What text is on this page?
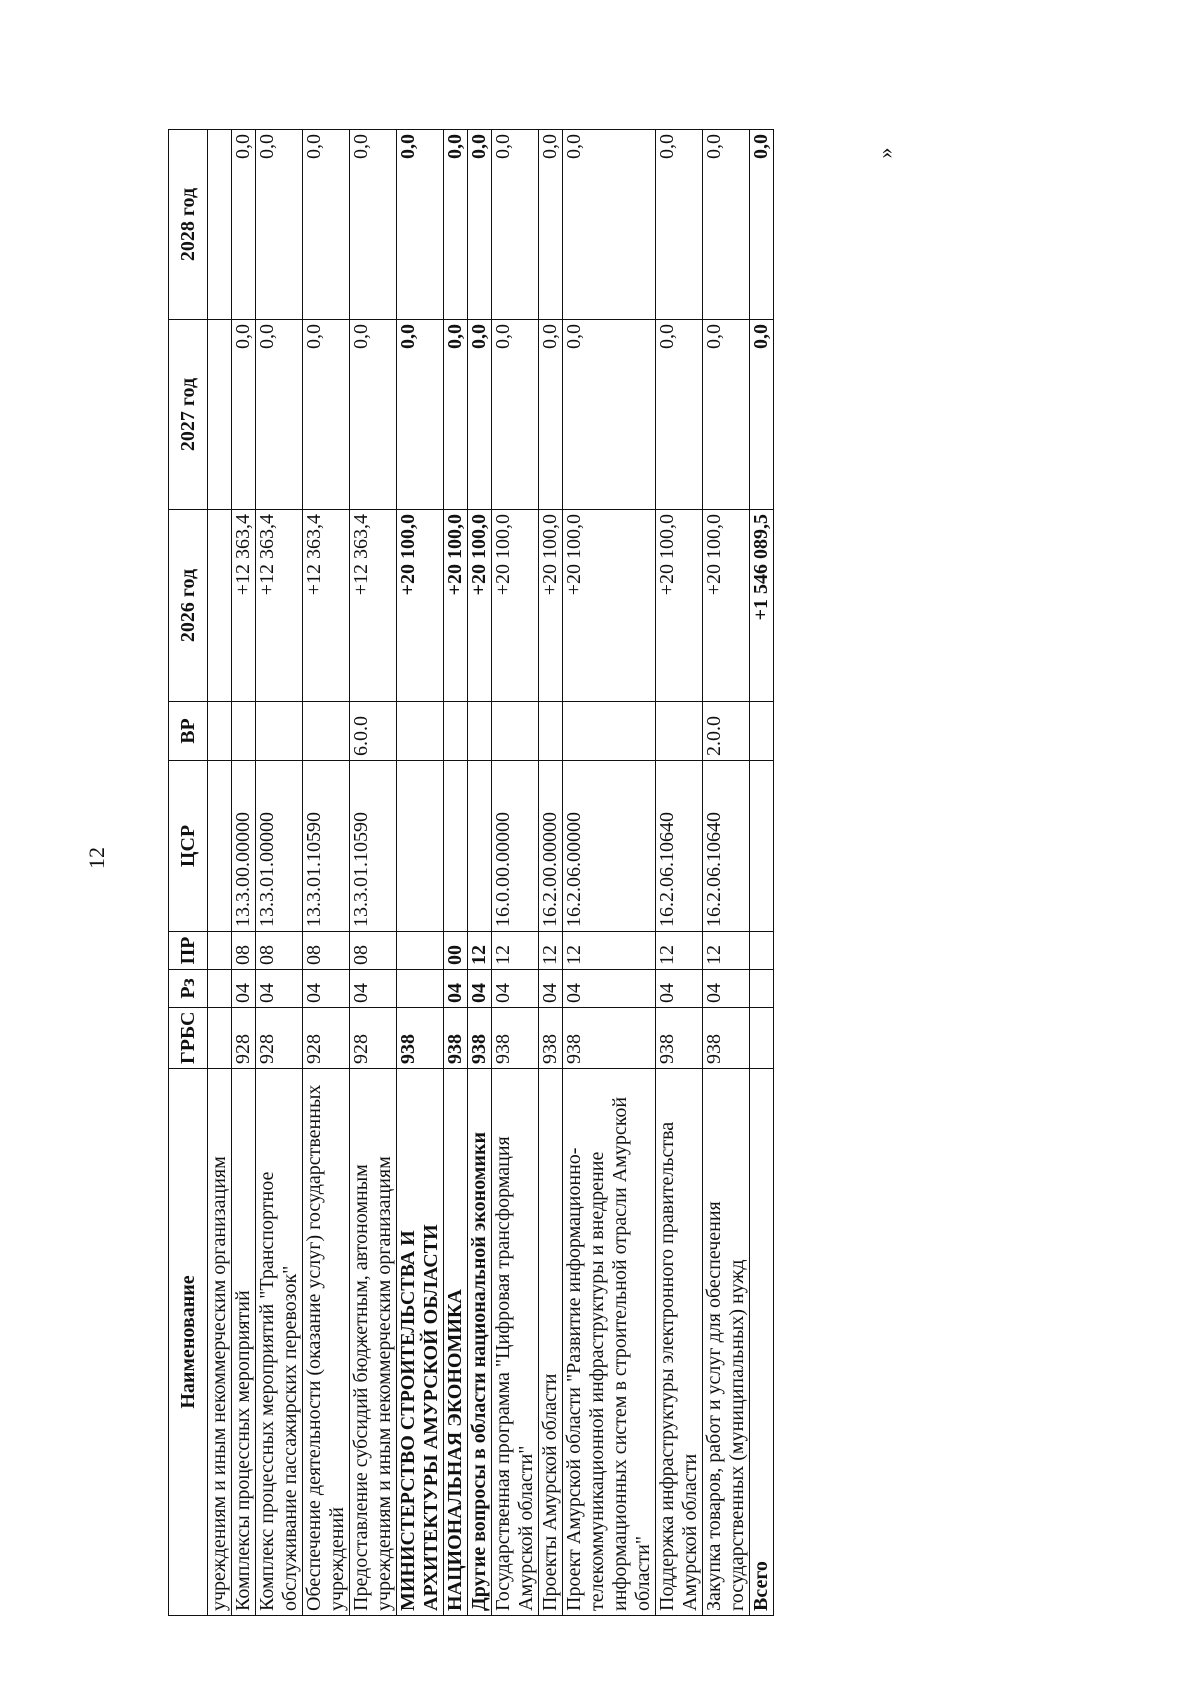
12
Наименование	ГРБС	Рз	ПР	ЦСР	ВР	2026 год	2027 год	2028 год
учреждениям и иным некоммерческим организациям								
Комплексы процессных мероприятий	928	04	08	13.3.00.00000		+12 363,4	0,0	0,0
Комплекс процессных мероприятий "Транспортное обслуживание пассажирских перевозок"	928	04	08	13.3.01.00000		+12 363,4	0,0	0,0
Обеспечение деятельности (оказание услуг) государственных учреждений	928	04	08	13.3.01.10590		+12 363,4	0,0	0,0
Предоставление субсидий бюджетным, автономным учреждениям и иным некоммерческим организациям	928	04	08	13.3.01.10590	6.0.0	+12 363,4	0,0	0,0
МИНИСТЕРСТВО СТРОИТЕЛЬСТВА И АРХИТЕКТУРЫ АМУРСКОЙ ОБЛАСТИ	938					+20 100,0	0,0	0,0
НАЦИОНАЛЬНАЯ ЭКОНОМИКА	938	04	00			+20 100,0	0,0	0,0
Другие вопросы в области национальной экономики	938	04	12			+20 100,0	0,0	0,0
Государственная программа "Цифровая трансформация Амурской области"	938	04	12	16.0.00.00000		+20 100,0	0,0	0,0
Проекты Амурской области	938	04	12	16.2.00.00000		+20 100,0	0,0	0,0
Проект Амурской области "Развитие информационно-телекоммуникационной инфраструктуры и внедрение информационных систем в строительной отрасли Амурской области"	938	04	12	16.2.06.00000		+20 100,0	0,0	0,0
Поддержка инфраструктуры электронного правительства Амурской области	938	04	12	16.2.06.10640		+20 100,0	0,0	0,0
Закупка товаров, работ и услуг для обеспечения государственных (муниципальных) нужд	938	04	12	16.2.06.10640	2.0.0	+20 100,0	0,0	0,0
Всего						+1 546 089,5	0,0	0,0	»
